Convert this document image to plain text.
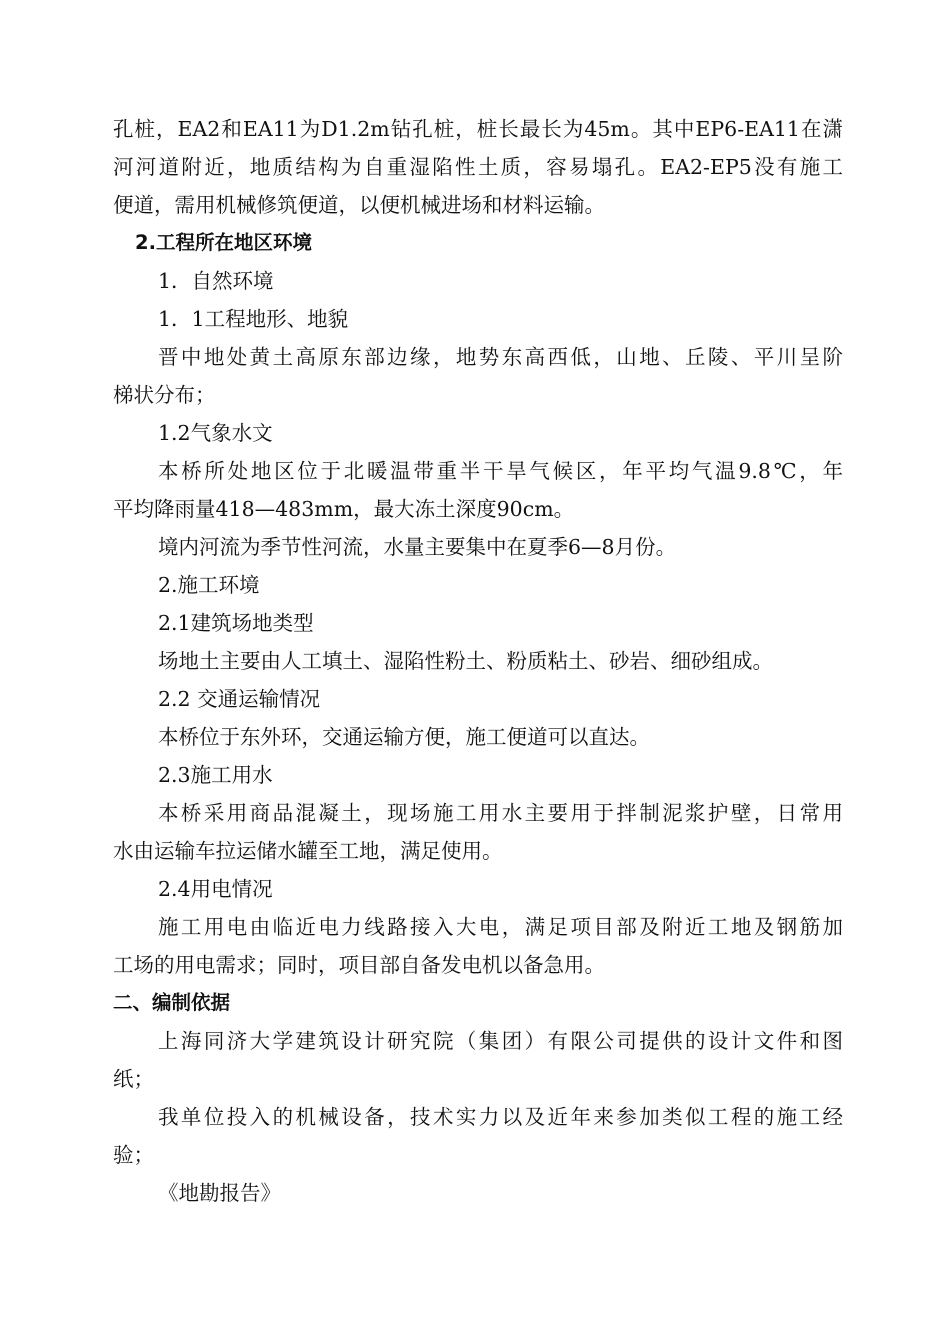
孔桩，EA2和EA11为D1.2m钻孔桩，桩长最长为45m。其中EP6-EA11在潇
河河道附近，地质结构为自重湿陷性土质，容易塌孔。EA2-EP5没有施工
便道，需用机械修筑便道，以便机械进场和材料运输。
2.工程所在地区环境
1．自然环境
1．1工程地形、地貌
晋中地处黄土高原东部边缘，地势东高西低，山地、丘陵、平川呈阶
梯状分布；
1.2气象水文
本桥所处地区位于北暖温带重半干旱气候区，年平均气温9.8℃，年
平均降雨量418—483mm，最大冻土深度90cm。
境内河流为季节性河流，水量主要集中在夏季6—8月份。
2.施工环境
2.1建筑场地类型
场地土主要由人工填土、湿陷性粉土、粉质粘土、砂岩、细砂组成。
2.2 交通运输情况
本桥位于东外环，交通运输方便，施工便道可以直达。
2.3施工用水
本桥采用商品混凝土，现场施工用水主要用于拌制泥浆护壁，日常用
水由运输车拉运储水罐至工地，满足使用。
2.4用电情况
施工用电由临近电力线路接入大电，满足项目部及附近工地及钢筋加
工场的用电需求；同时，项目部自备发电机以备急用。
二、编制依据
上海同济大学建筑设计研究院（集团）有限公司提供的设计文件和图
纸；
我单位投入的机械设备，技术实力以及近年来参加类似工程的施工经
验；
《地勘报告》
